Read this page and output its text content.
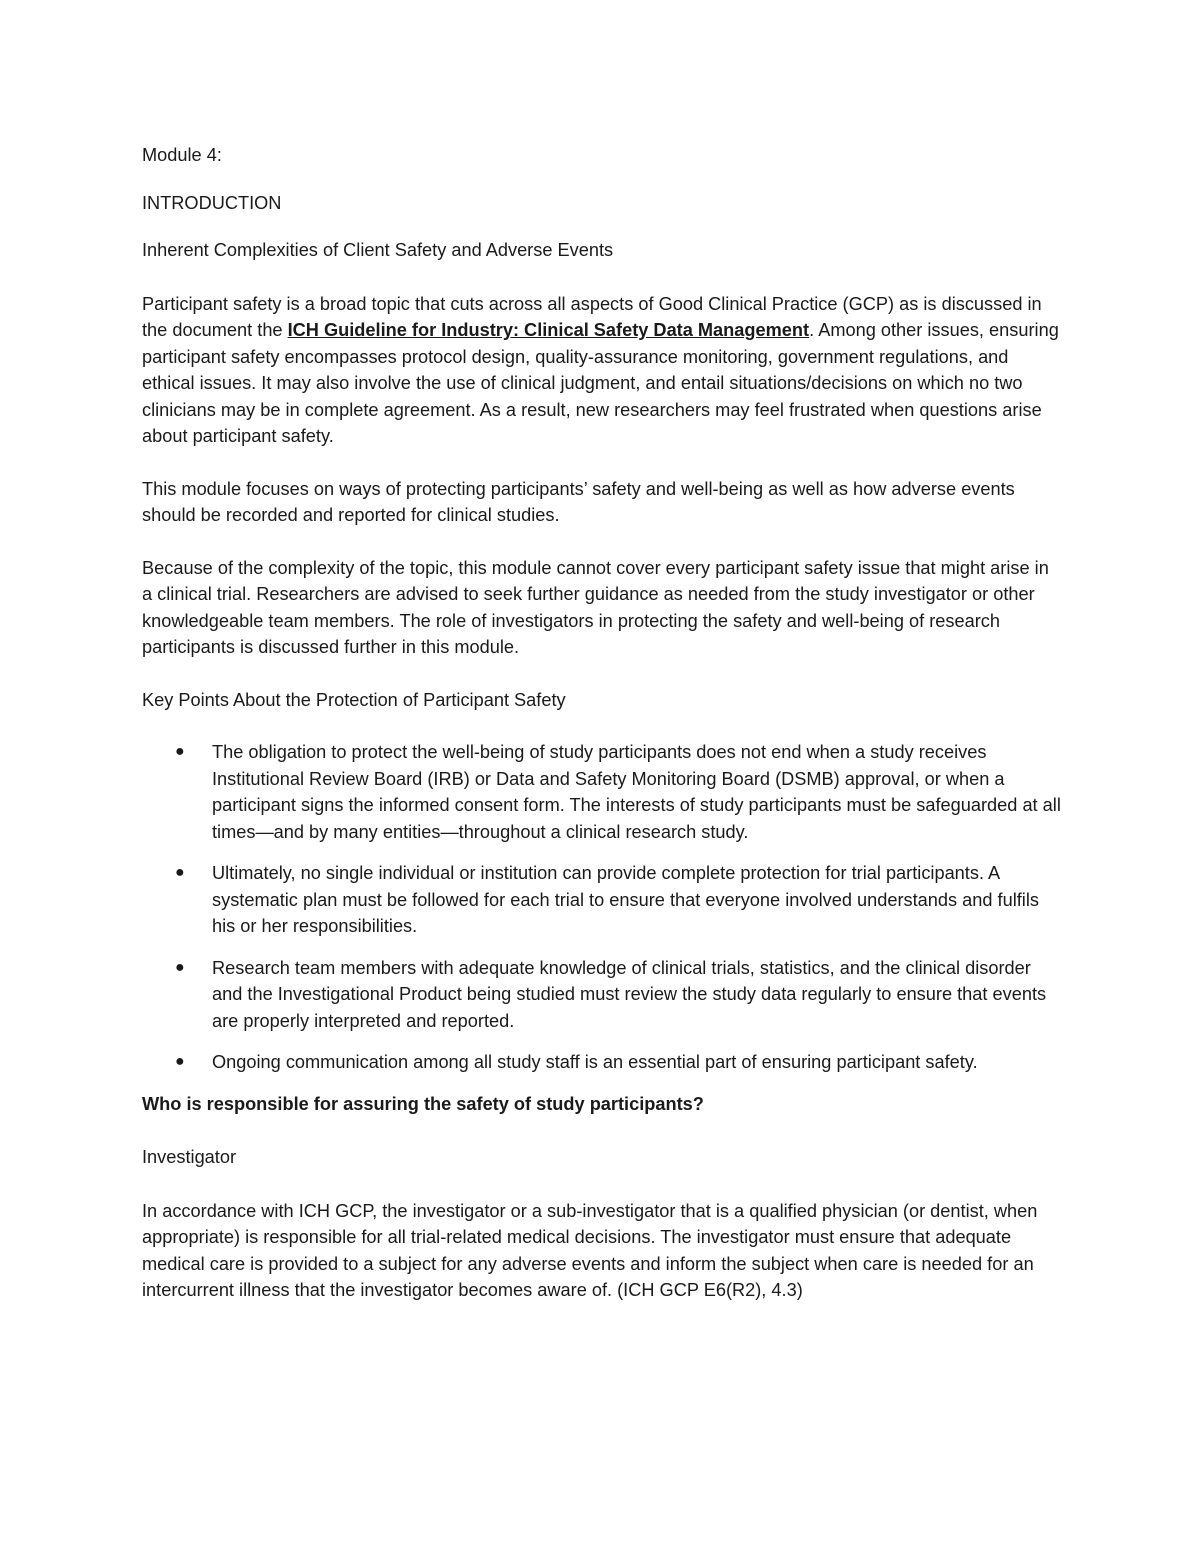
Module 4:

INTRODUCTION

Inherent Complexities of Client Safety and Adverse Events

Participant safety is a broad topic that cuts across all aspects of Good Clinical Practice (GCP) as is discussed in the document the ICH Guideline for Industry: Clinical Safety Data Management. Among other issues, ensuring participant safety encompasses protocol design, quality-assurance monitoring, government regulations, and ethical issues. It may also involve the use of clinical judgment, and entail situations/decisions on which no two clinicians may be in complete agreement. As a result, new researchers may feel frustrated when questions arise about participant safety.

This module focuses on ways of protecting participants’ safety and well-being as well as how adverse events should be recorded and reported for clinical studies.

Because of the complexity of the topic, this module cannot cover every participant safety issue that might arise in a clinical trial. Researchers are advised to seek further guidance as needed from the study investigator or other knowledgeable team members. The role of investigators in protecting the safety and well-being of research participants is discussed further in this module.

Key Points About the Protection of Participant Safety

● The obligation to protect the well-being of study participants does not end when a study receives Institutional Review Board (IRB) or Data and Safety Monitoring Board (DSMB) approval, or when a participant signs the informed consent form. The interests of study participants must be safeguarded at all times—and by many entities—throughout a clinical research study.
● Ultimately, no single individual or institution can provide complete protection for trial participants. A systematic plan must be followed for each trial to ensure that everyone involved understands and fulfils his or her responsibilities.
● Research team members with adequate knowledge of clinical trials, statistics, and the clinical disorder and the Investigational Product being studied must review the study data regularly to ensure that events are properly interpreted and reported.
● Ongoing communication among all study staff is an essential part of ensuring participant safety.

Who is responsible for assuring the safety of study participants?

Investigator

In accordance with ICH GCP, the investigator or a sub-investigator that is a qualified physician (or dentist, when appropriate) is responsible for all trial-related medical decisions. The investigator must ensure that adequate medical care is provided to a subject for any adverse events and inform the subject when care is needed for an intercurrent illness that the investigator becomes aware of. (ICH GCP E6(R2), 4.3)
